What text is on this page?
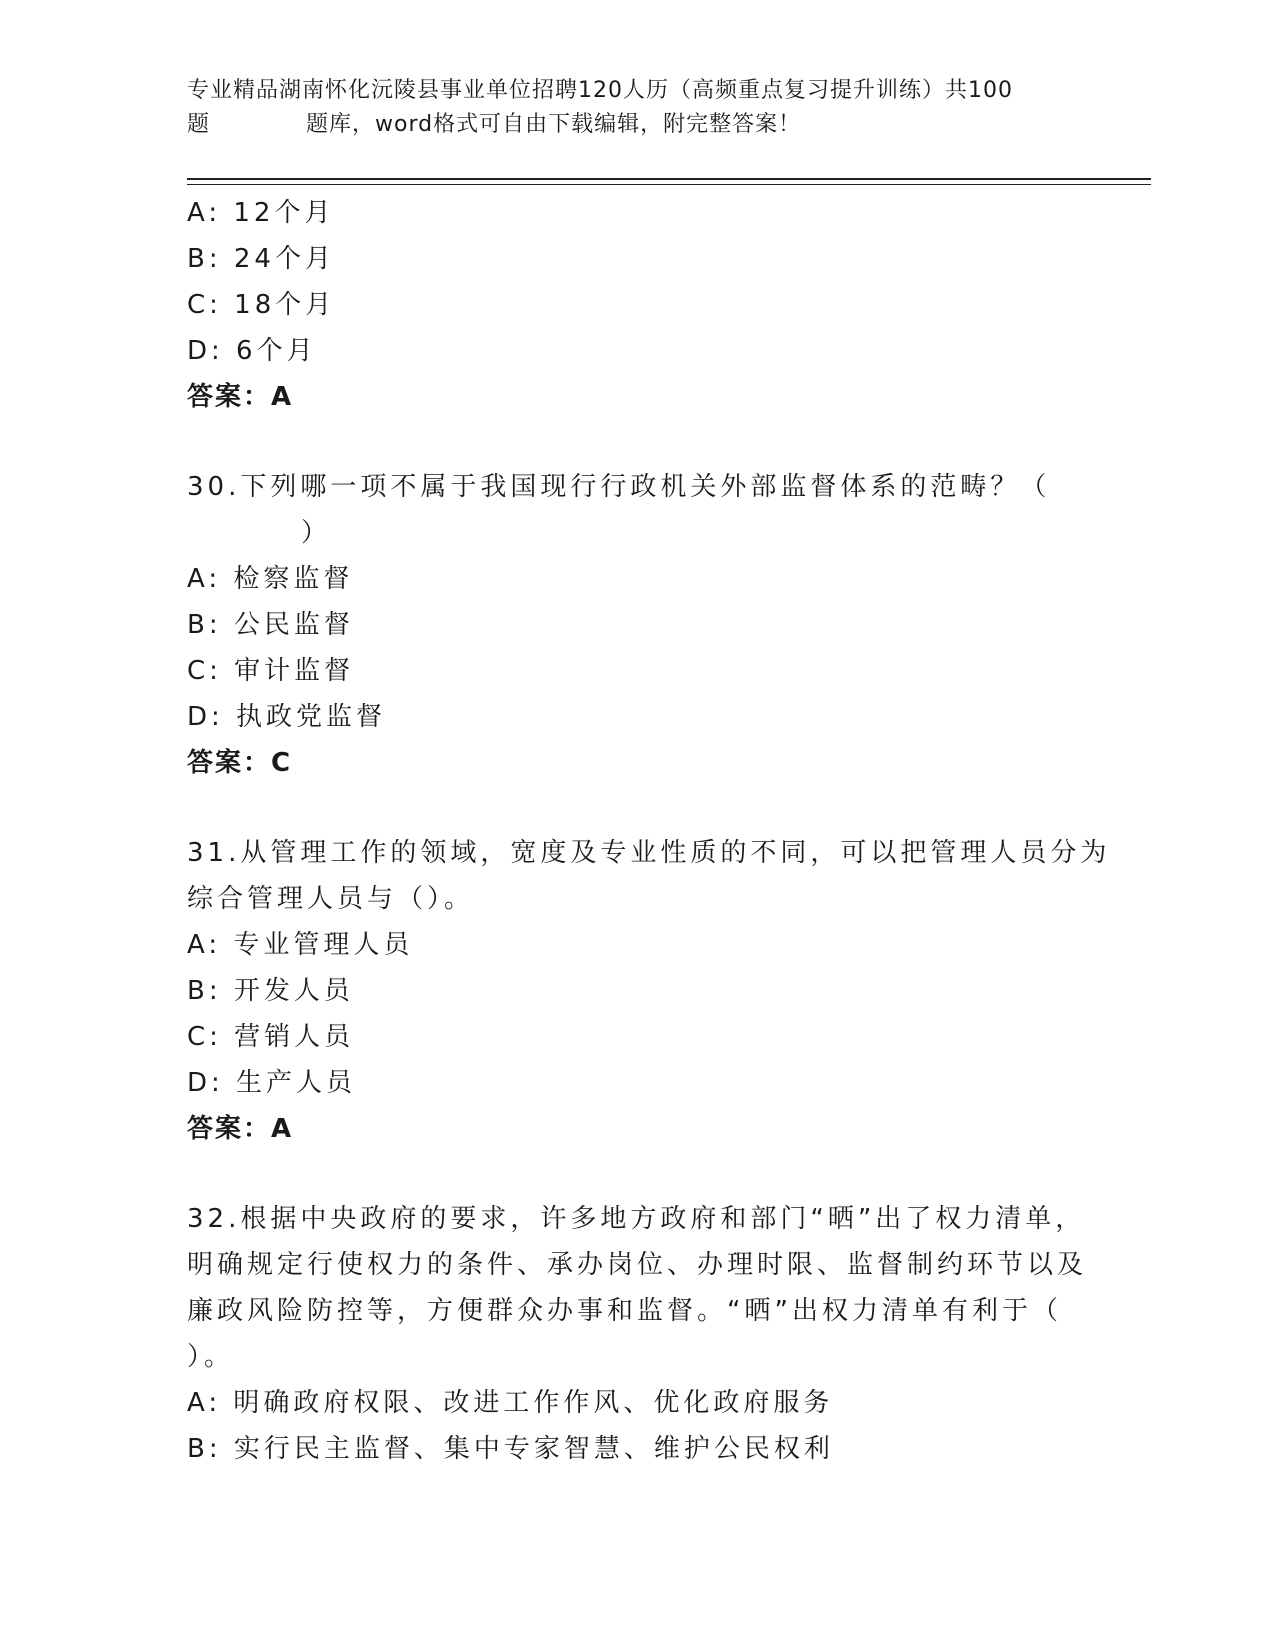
专业精品湖南怀化沅陵县事业单位招聘120人历（高频重点复习提升训练）共100
题	题库，word格式可自由下载编辑，附完整答案！
A: 12个月
B: 24个月
C: 18个月
D: 6个月
答案：A
30.下列哪一项不属于我国现行行政机关外部监督体系的范畴？（
）
A: 检察监督
B: 公民监督
C: 审计监督
D: 执政党监督
答案：C
31.从管理工作的领域，宽度及专业性质的不同，可以把管理人员分为
综合管理人员与（）。
A: 专业管理人员
B: 开发人员
C: 营销人员
D: 生产人员
答案：A
32.根据中央政府的要求，许多地方政府和部门“晒”出了权力清单，
明确规定行使权力的条件、承办岗位、办理时限、监督制约环节以及
廉政风险防控等，方便群众办事和监督。“晒”出权力清单有利于（
）。
A: 明确政府权限、改进工作作风、优化政府服务
B: 实行民主监督、集中专家智慧、维护公民权利
